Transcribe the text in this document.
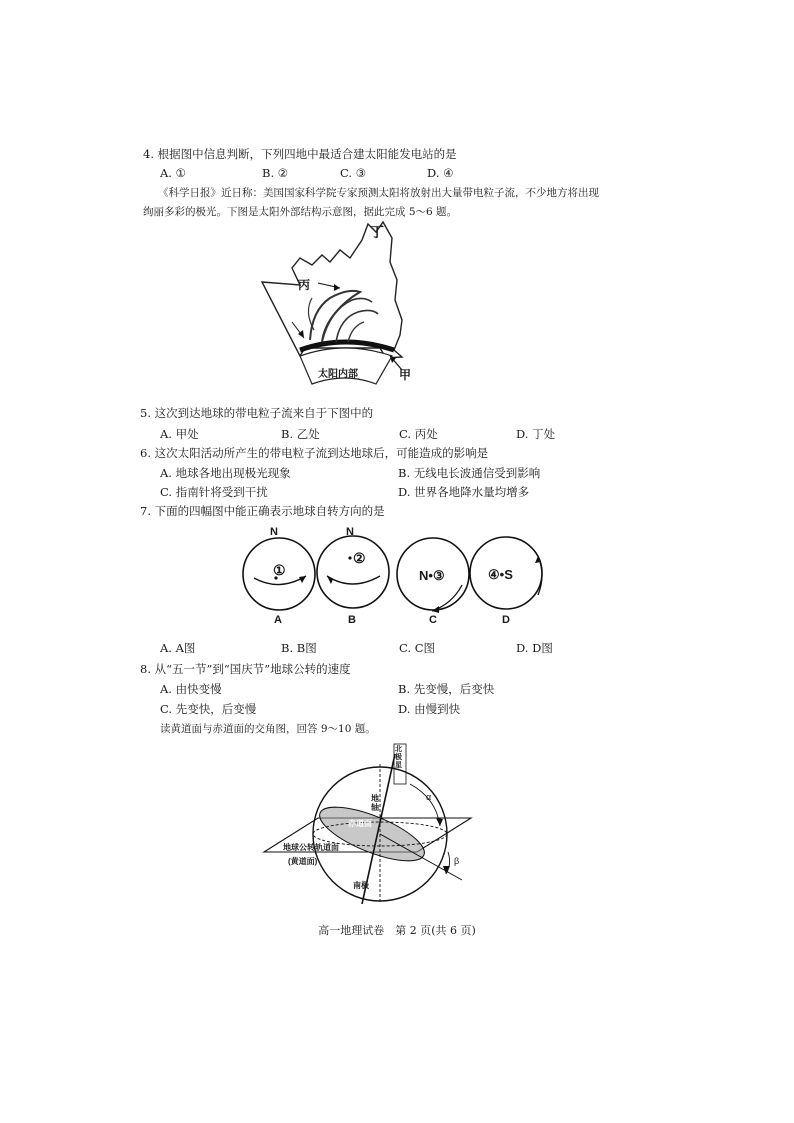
4. 根据图中信息判断，下列四地中最适合建太阳能发电站的是
A. ①	B. ②	C. ③	D. ④
《科学日报》近日称：美国国家科学院专家预测太阳将放射出大量带电粒子流，不少地方将出现
绚丽多彩的极光。下图是太阳外部结构示意图，据此完成 5～6 题。
丁
丙
太阳内部	甲
5. 这次到达地球的带电粒子流来自于下图中的
A. 甲处	B. 乙处	C. 丙处	D. 丁处
6. 这次太阳活动所产生的带电粒子流到达地球后，可能造成的影响是
A. 地球各地出现极光现象	B. 无线电长波通信受到影响
C. 指南针将受到干扰	D. 世界各地降水量均增多
7. 下面的四幅图中能正确表示地球自转方向的是
N
①
A
N
②
B
N•③
C
④•S
D
A. A图	B. B图	C. C图	D. D图
8. 从“五一节”到“国庆节”地球公转的速度
A. 由快变慢	B. 先变慢，后变快
C. 先变快，后变慢	D. 由慢到快
读黄道面与赤道面的交角图，回答 9～10 题。
北极星
地轴
赤道面
地球公转轨道面
(黄道面)
南极
α
β
高一地理试卷　第 2 页(共 6 页)
